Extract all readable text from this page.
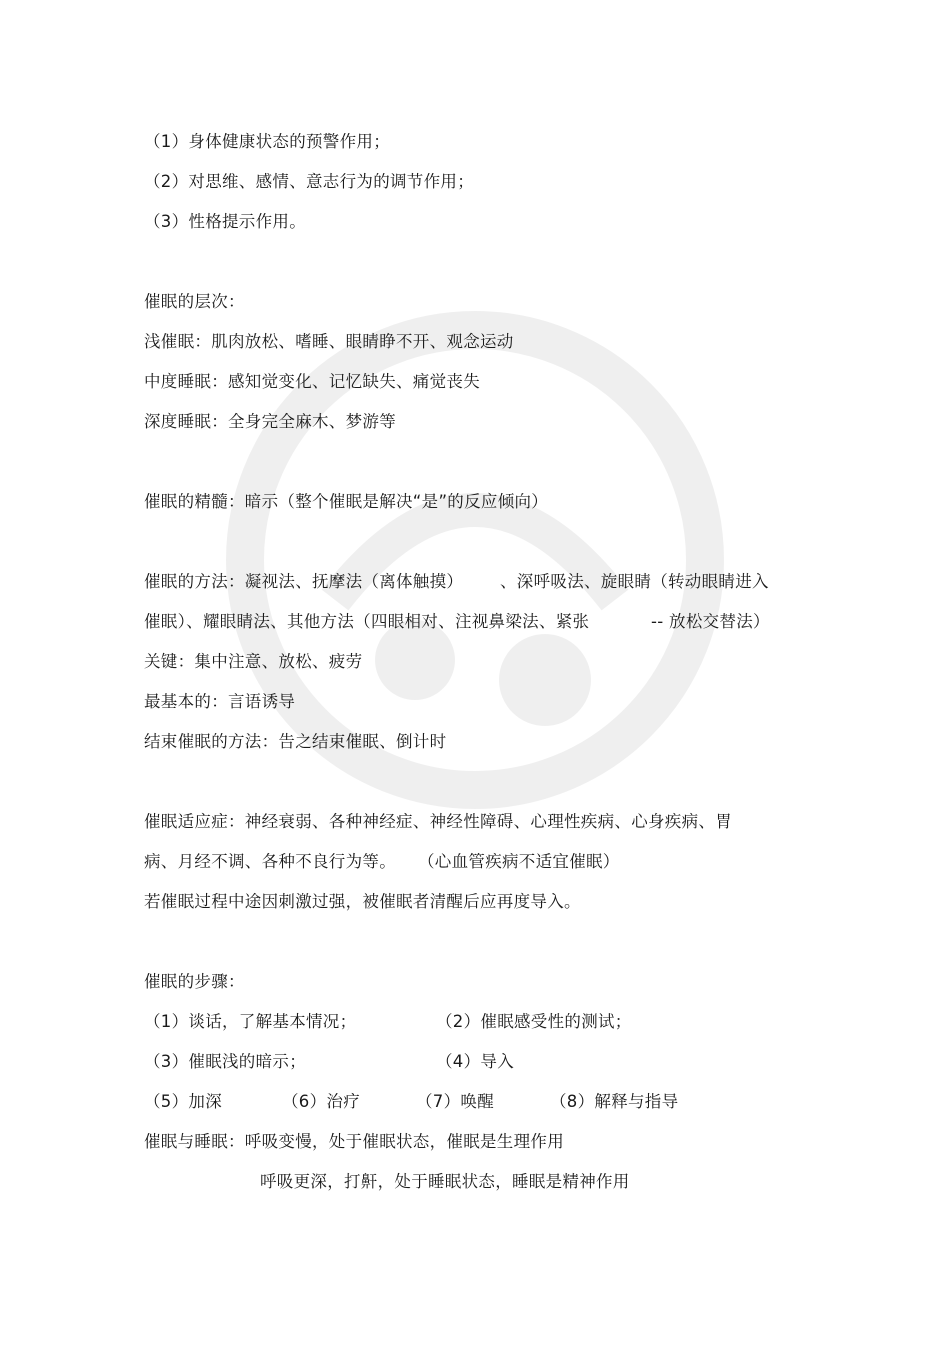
（1）身体健康状态的预警作用；
（2）对思维、感情、意志行为的调节作用；
（3）性格提示作用。
催眠的层次：
浅催眠：肌肉放松、嗜睡、眼睛睁不开、观念运动
中度睡眠：感知觉变化、记忆缺失、痛觉丧失
深度睡眠：全身完全麻木、梦游等
催眠的精髓：暗示（整个催眠是解决“是”的反应倾向）
催眠的方法：凝视法、抚摩法（离体触摸） 、深呼吸法、旋眼睛（转动眼睛进入
催眠）、耀眼睛法、其他方法（四眼相对、注视鼻梁法、紧张	-- 放松交替法）
关键：集中注意、放松、疲劳
最基本的：言语诱导
结束催眠的方法：告之结束催眠、倒计时
催眠适应症：神经衰弱、各种神经症、神经性障碍、心理性疾病、心身疾病、胃
病、月经不调、各种不良行为等。 （心血管疾病不适宜催眠）
若催眠过程中途因刺激过强，被催眠者清醒后应再度导入。
催眠的步骤：
（1）谈话，了解基本情况；	（2）催眠感受性的测试；
（3）催眠浅的暗示；	（4）导入
（5）加深	（6）治疗	（7）唤醒	（8）解释与指导
催眠与睡眠：呼吸变慢，处于催眠状态，催眠是生理作用
呼吸更深，打鼾，处于睡眠状态，睡眠是精神作用
